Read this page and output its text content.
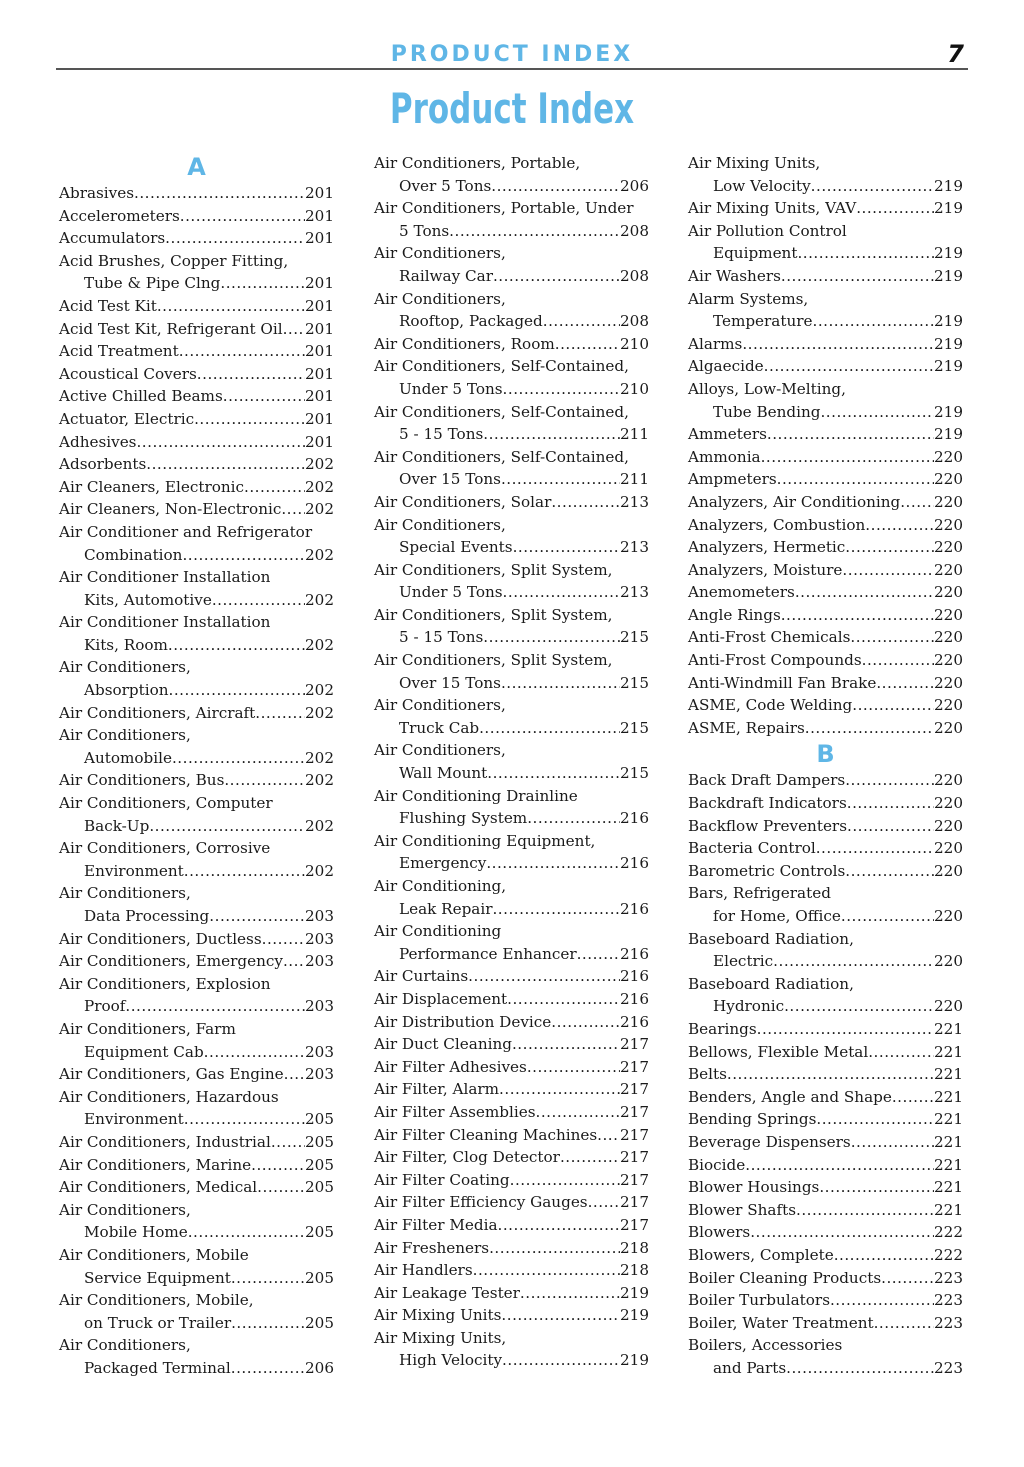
PRODUCT INDEX	7
Product Index
A
Abrasives .....	201
Accelerometers .....	201
Accumulators .....	201
Acid Brushes, Copper Fitting,
Tube & Pipe Clng .....	201
Acid Test Kit .....	201
Acid Test Kit, Refrigerant Oil ..... 201
Acid Treatment .....	201
Acoustical Covers .....	201
Active Chilled Beams .....	201
Actuator, Electric .....	201
Adhesives .....	201
Adsorbents .....	202
Air Cleaners, Electronic .....	202
Air Cleaners, Non-Electronic ..... 202
Air Conditioner and Refrigerator
Combination .....	202
Air Conditioner Installation
Kits, Automotive .....	202
Air Conditioner Installation
Kits, Room .....	202
Air Conditioners,
Absorption .....	202
Air Conditioners, Aircraft .....	202
Air Conditioners,
Automobile .....	202
Air Conditioners, Bus .....	202
Air Conditioners, Computer
Back-Up .....	202
Air Conditioners, Corrosive
Environment .....	202
Air Conditioners,
Data Processing .....	203
Air Conditioners, Ductless .....	203
Air Conditioners, Emergency ..... 203
Air Conditioners, Explosion
Proof .....	203
Air Conditioners, Farm
Equipment Cab .....	203
Air Conditioners, Gas Engine ..... 203
Air Conditioners, Hazardous
Environment .....	205
Air Conditioners, Industrial ..... 205
Air Conditioners, Marine .....	205
Air Conditioners, Medical .....	205
Air Conditioners,
Mobile Home .....	205
Air Conditioners, Mobile
Service Equipment .....	205
Air Conditioners, Mobile,
on Truck or Trailer .....	205
Air Conditioners,
Packaged Terminal .....	206
Air Conditioners, Portable,
Over 5 Tons .....	206
Air Conditioners, Portable, Under
5 Tons .....	208
Air Conditioners,
Railway Car .....	208
Air Conditioners,
Rooftop, Packaged .....	208
Air Conditioners, Room .....	210
Air Conditioners, Self-Contained,
Under 5 Tons .....	210
Air Conditioners, Self-Contained,
5 - 15 Tons .....	211
Air Conditioners, Self-Contained,
Over 15 Tons .....	211
Air Conditioners, Solar .....	213
Air Conditioners,
Special Events .....	213
Air Conditioners, Split System,
Under 5 Tons .....	213
Air Conditioners, Split System,
5 - 15 Tons .....	215
Air Conditioners, Split System,
Over 15 Tons .....	215
Air Conditioners,
Truck Cab .....	215
Air Conditioners,
Wall Mount .....	215
Air Conditioning Drainline
Flushing System .....	216
Air Conditioning Equipment,
Emergency .....	216
Air Conditioning,
Leak Repair .....	216
Air Conditioning
Performance Enhancer .....	216
Air Curtains .....	216
Air Displacement .....	216
Air Distribution Device .....	216
Air Duct Cleaning .....	217
Air Filter Adhesives .....	217
Air Filter, Alarm .....	217
Air Filter Assemblies .....	217
Air Filter Cleaning Machines ..... 217
Air Filter, Clog Detector .....	217
Air Filter Coating .....	217
Air Filter Efficiency Gauges ..... 217
Air Filter Media .....	217
Air Fresheners .....	218
Air Handlers .....	218
Air Leakage Tester .....	219
Air Mixing Units .....	219
Air Mixing Units,
High Velocity .....	219
Air Mixing Units,
Low Velocity .....	219
Air Mixing Units, VAV .....	219
Air Pollution Control
Equipment .....	219
Air Washers .....	219
Alarm Systems,
Temperature .....	219
Alarms .....	219
Algaecide .....	219
Alloys, Low-Melting,
Tube Bending .....	219
Ammeters .....	219
Ammonia .....	220
Ampmeters .....	220
Analyzers, Air Conditioning ..... 220
Analyzers, Combustion .....	220
Analyzers, Hermetic .....	220
Analyzers, Moisture .....	220
Anemometers .....	220
Angle Rings .....	220
Anti-Frost Chemicals .....	220
Anti-Frost Compounds .....	220
Anti-Windmill Fan Brake .....	220
ASME, Code Welding .....	220
ASME, Repairs .....	220
B
Back Draft Dampers .....	220
Backdraft Indicators .....	220
Backflow Preventers .....	220
Bacteria Control .....	220
Barometric Controls .....	220
Bars, Refrigerated
for Home, Office .....	220
Baseboard Radiation,
Electric .....	220
Baseboard Radiation,
Hydronic .....	220
Bearings .....	221
Bellows, Flexible Metal .....	221
Belts .....	221
Benders, Angle and Shape .....	221
Bending Springs .....	221
Beverage Dispensers .....	221
Biocide .....	221
Blower Housings .....	221
Blower Shafts .....	221
Blowers .....	222
Blowers, Complete .....	222
Boiler Cleaning Products .....	223
Boiler Turbulators .....	223
Boiler, Water Treatment .....	223
Boilers, Accessories
and Parts .....	223
